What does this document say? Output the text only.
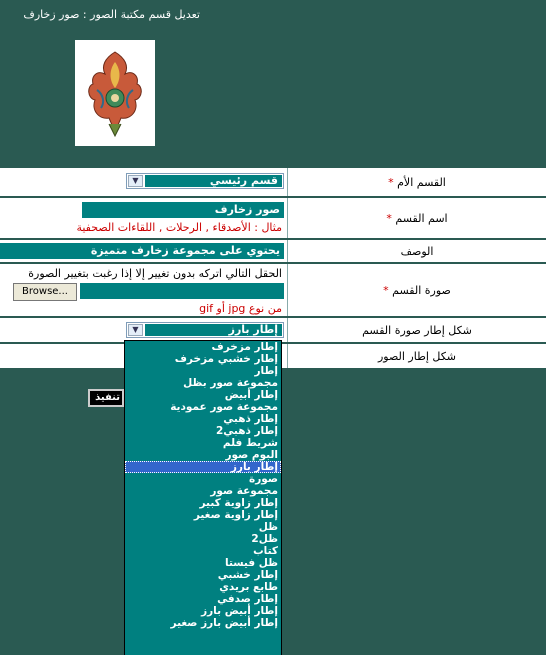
تعديل قسم مكتبة الصور : صور زخارف
القسم الأم

*
▼	قسم رئيسي
اسم القسم

*
صور زخارف
مثال : الأصدقاء , الرحلات , اللقاءات الصحفية
الوصف
يحتوي على مجموعة زخارف متميزة
صورة القسم

*
الحقل التالي اتركه بدون تغيير إلا إذا رغبت بتغيير الصورة
من نوع jpg أو gif
شكل إطار صورة القسم
▼	إطار بارز
شكل إطار الصور
Browse...
تنفيذ
إطار مزخرف
إطار خشبي مزخرف
إطار
مجموعة صور بظل
إطار أبيض
مجموعة صور عمودية
إطار ذهبي
إطار ذهبي2
شريط فلم
البوم صور
إطار بارز
صورة
مجموعة صور
إطار زاوية كبير
إطار زاوية صغير
ظل
ظل2
كتاب
ظل فيستا
إطار خشبي
طابع بريدي
إطار صدفي
إطار أبيض بارز
إطار أبيض بارز صغير
